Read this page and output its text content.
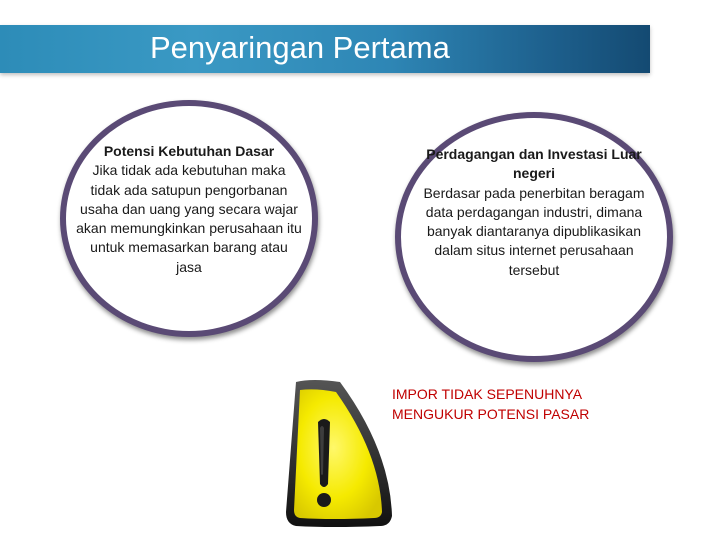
Penyaringan Pertama
Potensi Kebutuhan Dasar
Jika tidak ada kebutuhan maka tidak ada satupun pengorbanan usaha dan uang yang secara wajar akan memungkinkan perusahaan itu untuk memasarkan barang atau jasa
Perdagangan dan Investasi Luar negeri
Berdasar pada penerbitan beragam data perdagangan industri, dimana banyak diantaranya dipublikasikan dalam situs internet perusahaan tersebut
IMPOR TIDAK SEPENUHNYA
MENGUKUR POTENSI PASAR
